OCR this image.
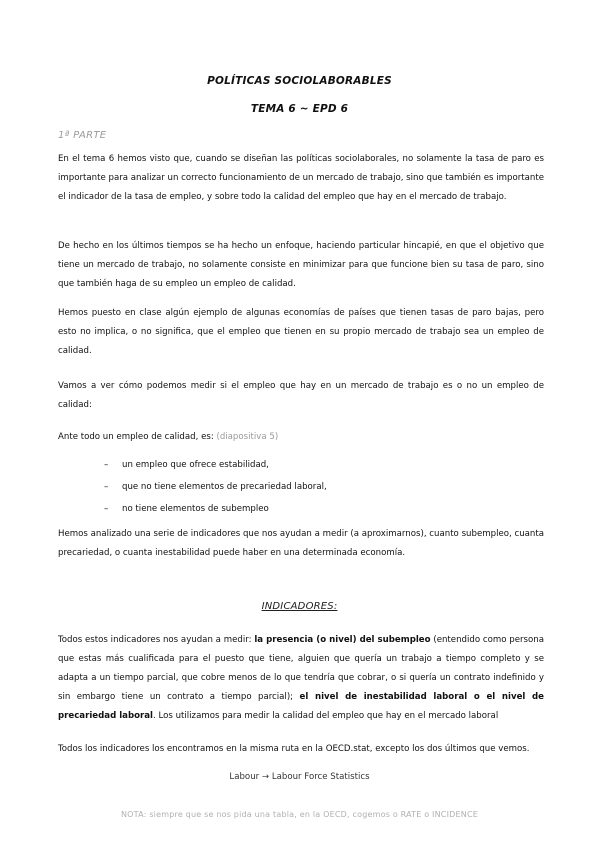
POLÍTICAS SOCIOLABORABLES
TEMA 6 ~ EPD 6
1ª PARTE

En el tema 6 hemos visto que, cuando se diseñan las políticas sociolaborales, no solamente la tasa de paro es importante para analizar un correcto funcionamiento de un mercado de trabajo, sino que también es importante el indicador de la tasa de empleo, y sobre todo la calidad del empleo que hay en el mercado de trabajo.

De hecho en los últimos tiempos se ha hecho un enfoque, haciendo particular hincapié, en que el objetivo que tiene un mercado de trabajo, no solamente consiste en minimizar para que funcione bien su tasa de paro, sino que también haga de su empleo un empleo de calidad.

Hemos puesto en clase algún ejemplo de algunas economías de países que tienen tasas de paro bajas, pero esto no implica, o no significa, que el empleo que tienen en su propio mercado de trabajo sea un empleo de calidad.

Vamos a ver cómo podemos medir si el empleo que hay en un mercado de trabajo es o no un empleo de calidad:

Ante todo un empleo de calidad, es: (diapositiva 5)

–	un empleo que ofrece estabilidad,
–	que no tiene elementos de precariedad laboral,
–	no tiene elementos de subempleo

Hemos analizado una serie de indicadores que nos ayudan a medir (a aproximarnos), cuanto subempleo, cuanta precariedad, o cuanta inestabilidad puede haber en una determinada economía.

INDICADORES:

Todos estos indicadores nos ayudan a medir: la presencia (o nivel) del subempleo (entendido como persona que estas más cualificada para el puesto que tiene, alguien que quería un trabajo a tiempo completo y se adapta a un tiempo parcial, que cobre menos de lo que tendría que cobrar, o si quería un contrato indefinido y sin embargo tiene un contrato a tiempo parcial); el nivel de inestabilidad laboral o el nivel de precariedad laboral. Los utilizamos para medir la calidad del empleo que hay en el mercado laboral

Todos los indicadores los encontramos en la misma ruta en la OECD.stat, excepto los dos últimos que vemos.

Labour → Labour Force Statistics
NOTA: siempre que se nos pida una tabla, en la OECD, cogemos o RATE o INCIDENCE
